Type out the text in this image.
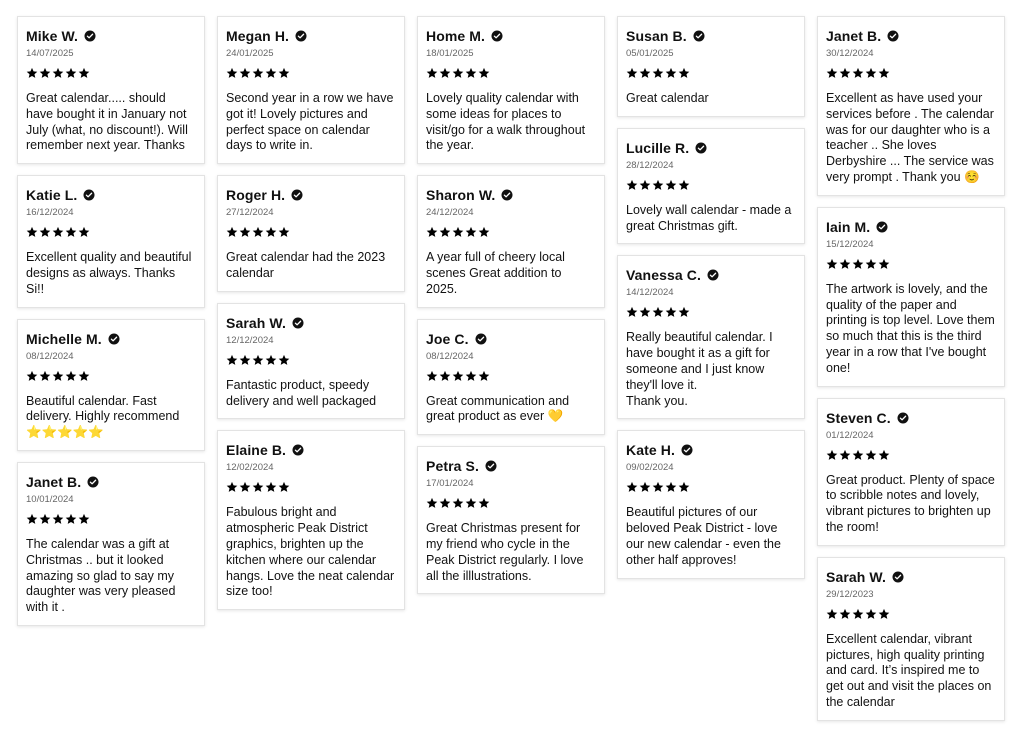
Mike W.
14/07/2025
Great calendar..... should have bought it in January not July (what, no discount!). Will remember next year. Thanks
Katie L.
16/12/2024
Excellent quality and beautiful designs as always. Thanks Si!!
Michelle M.
08/12/2024
Beautiful calendar. Fast delivery. Highly recommend ⭐⭐⭐⭐⭐
Janet B.
10/01/2024
The calendar was a gift at Christmas .. but it looked amazing so glad to say my daughter was very pleased with it .
Megan H.
24/01/2025
Second year in a row we have got it! Lovely pictures and perfect space on calendar days to write in.
Roger H.
27/12/2024
Great calendar had the 2023 calendar
Sarah W.
12/12/2024
Fantastic product, speedy delivery and well packaged
Elaine B.
12/02/2024
Fabulous bright and atmospheric Peak District graphics, brighten up the kitchen where our calendar hangs. Love the neat calendar size too!
Home M.
18/01/2025
Lovely quality calendar with some ideas for places to visit/go for a walk throughout the year.
Sharon W.
24/12/2024
A year full of cheery local scenes Great addition to 2025.
Joe C.
08/12/2024
Great communication and great product as ever 💛
Petra S.
17/01/2024
Great Christmas present for my friend who cycle in the Peak District regularly. I love all the illlustrations.
Susan B.
05/01/2025
Great calendar
Lucille R.
28/12/2024
Lovely wall calendar - made a great Christmas gift.
Vanessa C.
14/12/2024
Really beautiful calendar. I have bought it as a gift for someone and I just know they'll love it.
Thank you.
Kate H.
09/02/2024
Beautiful pictures of our beloved Peak District - love our new calendar - even the other half approves!
Janet B.
30/12/2024
Excellent as have used your services before . The calendar was for our daughter who is a teacher .. She loves Derbyshire ... The service was very prompt . Thank you ☺️
Iain M.
15/12/2024
The artwork is lovely, and the quality of the paper and printing is top level. Love them so much that this is the third year in a row that I've bought one!
Steven C.
01/12/2024
Great product. Plenty of space to scribble notes and lovely, vibrant pictures to brighten up the room!
Sarah W.
29/12/2023
Excellent calendar, vibrant pictures, high quality printing and card. It’s inspired me to get out and visit the places on the calendar
